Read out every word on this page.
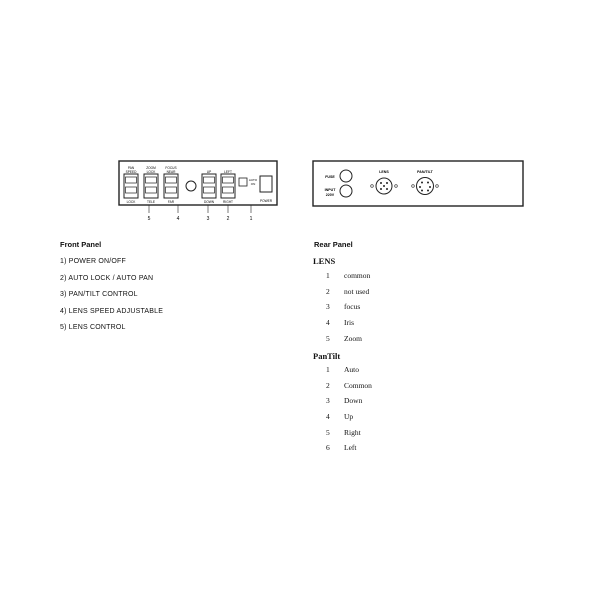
PAN
SPEED
LOCK
ZOOM
LOCK
TELE
FOCUS
NEAR
FAR
UP
DOWN
LEFT
RIGHT
AUTO
ON
POWER
5	4	3	2	1
FUSE
INPUT
220V
LENS	PAN/TILT
Front Panel
1) POWER ON/OFF
2) AUTO LOCK / AUTO PAN
3) PAN/TILT CONTROL
4) LENS SPEED ADJUSTABLE
5) LENS CONTROL
Rear Panel
LENS
1 common
2 not used
3 focus
4 Iris
5 Zoom
PanTilt
1 Auto
2 Common
3 Down
4 Up
5 Right
6 Left
